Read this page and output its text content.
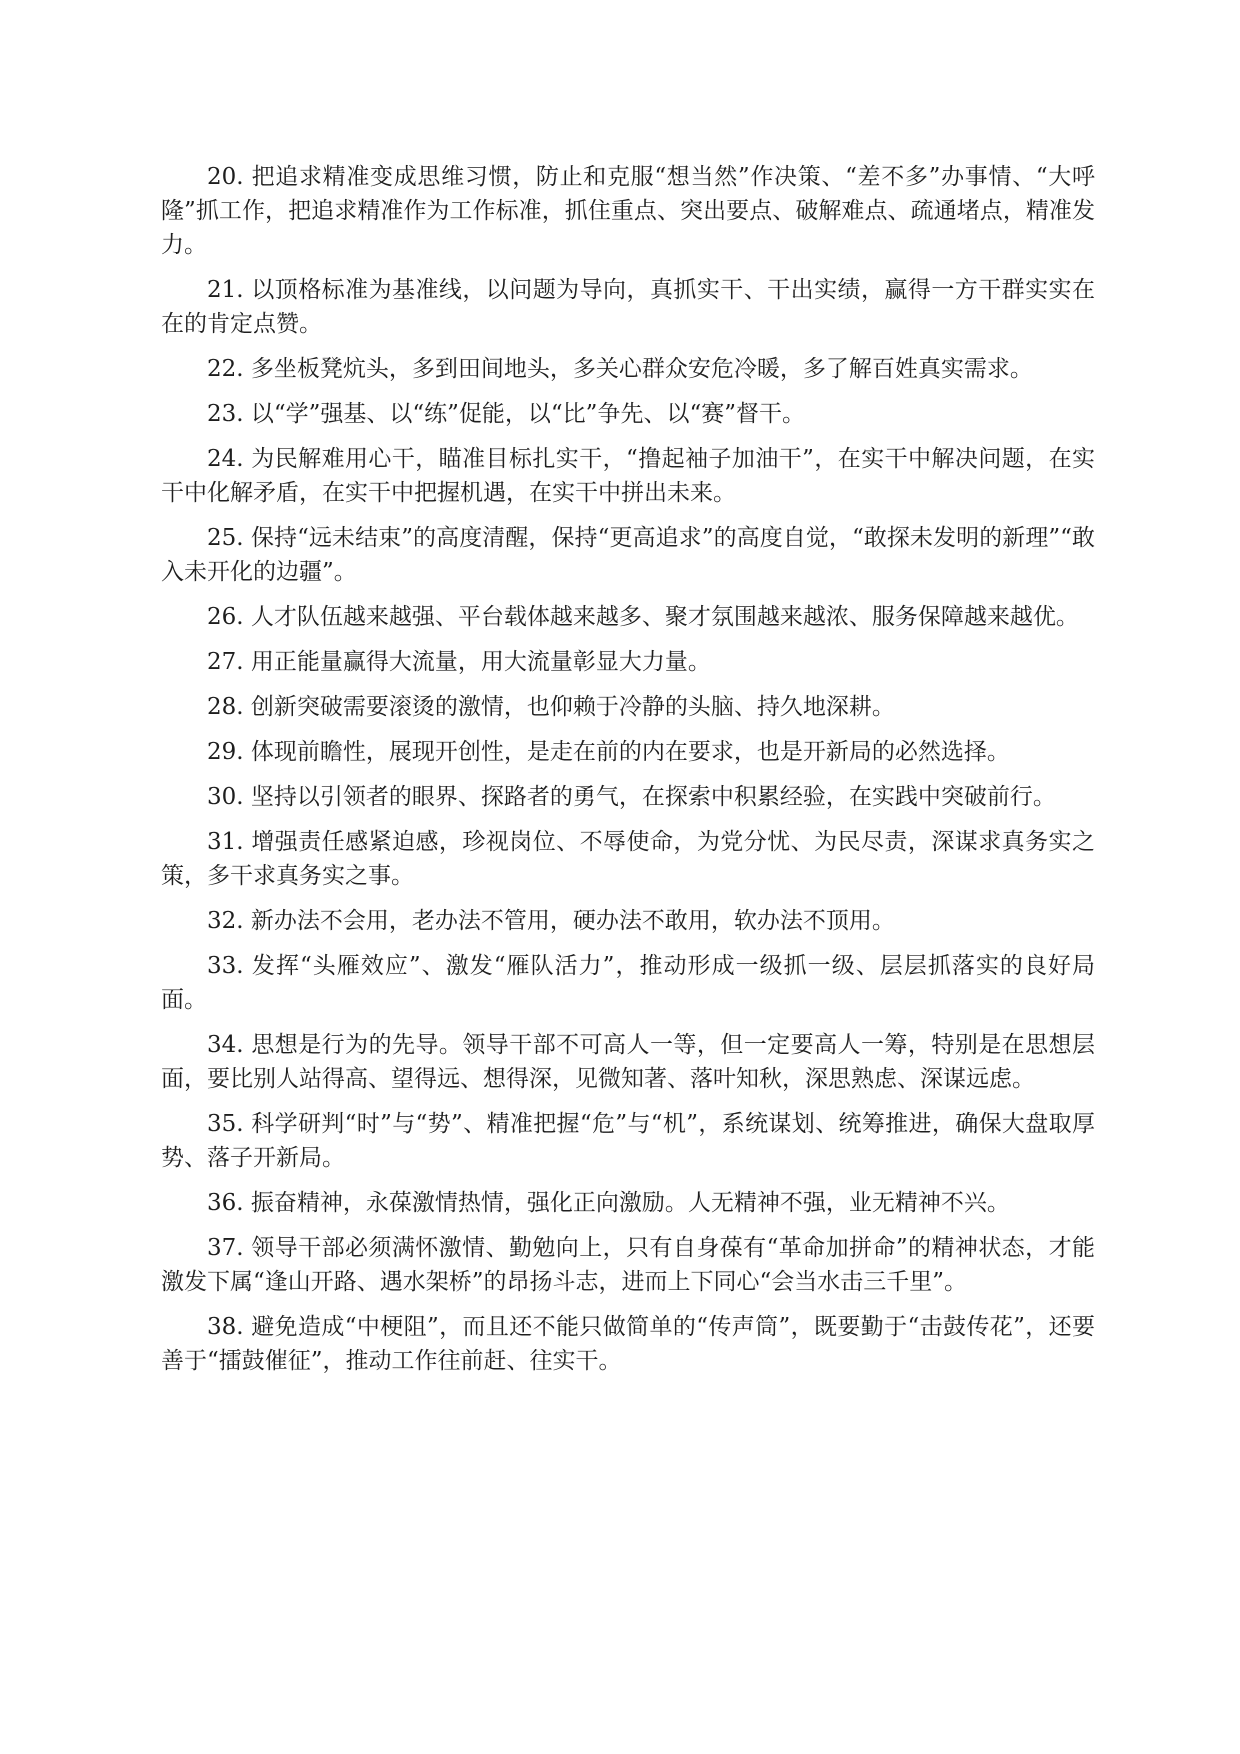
20. 把追求精准变成思维习惯，防止和克服“想当然”作决策、“差不多”办事情、“大呼隆”抓工作，把追求精准作为工作标准，抓住重点、突出要点、破解难点、疏通堵点，精准发力。

21. 以顶格标准为基准线，以问题为导向，真抓实干、干出实绩，赢得一方干群实实在在的肯定点赞。

22. 多坐板凳炕头，多到田间地头，多关心群众安危冷暖，多了解百姓真实需求。

23. 以“学”强基、以“练”促能，以“比”争先、以“赛”督干。

24. 为民解难用心干，瞄准目标扎实干，“撸起袖子加油干”，在实干中解决问题，在实干中化解矛盾，在实干中把握机遇，在实干中拼出未来。

25. 保持“远未结束”的高度清醒，保持“更高追求”的高度自觉，“敢探未发明的新理”“敢入未开化的边疆”。

26. 人才队伍越来越强、平台载体越来越多、聚才氛围越来越浓、服务保障越来越优。

27. 用正能量赢得大流量，用大流量彰显大力量。

28. 创新突破需要滚烫的激情，也仰赖于冷静的头脑、持久地深耕。

29. 体现前瞻性，展现开创性，是走在前的内在要求，也是开新局的必然选择。

30. 坚持以引领者的眼界、探路者的勇气，在探索中积累经验，在实践中突破前行。

31. 增强责任感紧迫感，珍视岗位、不辱使命，为党分忧、为民尽责，深谋求真务实之策，多干求真务实之事。

32. 新办法不会用，老办法不管用，硬办法不敢用，软办法不顶用。

33. 发挥“头雁效应”、激发“雁队活力”，推动形成一级抓一级、层层抓落实的良好局面。

34. 思想是行为的先导。领导干部不可高人一等，但一定要高人一筹，特别是在思想层面，要比别人站得高、望得远、想得深，见微知著、落叶知秋，深思熟虑、深谋远虑。

35. 科学研判“时”与“势”、精准把握“危”与“机”，系统谋划、统筹推进，确保大盘取厚势、落子开新局。

36. 振奋精神，永葆激情热情，强化正向激励。人无精神不强，业无精神不兴。

37. 领导干部必须满怀激情、勤勉向上，只有自身葆有“革命加拼命”的精神状态，才能激发下属“逢山开路、遇水架桥”的昂扬斗志，进而上下同心“会当水击三千里”。

38. 避免造成“中梗阻”，而且还不能只做简单的“传声筒”，既要勤于“击鼓传花”，还要善于“擂鼓催征”，推动工作往前赶、往实干。
